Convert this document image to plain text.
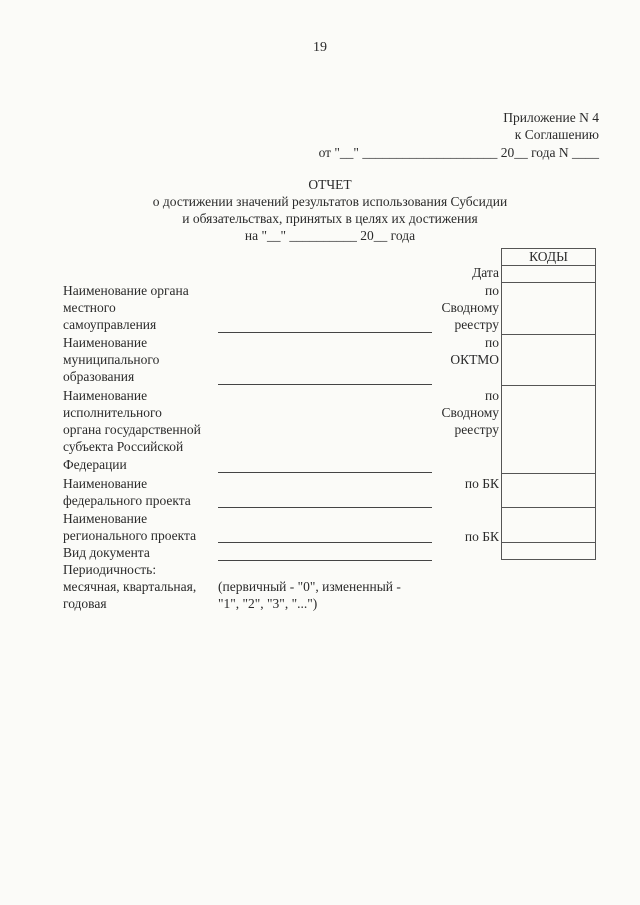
19
Приложение N 4
к Соглашению
от "__" ____________________ 20__ года N ____
ОТЧЕТ
о достижении значений результатов использования Субсидии
и обязательствах, принятых в целях их достижения
на "__" __________ 20__ года
КОДЫ
Дата
по
Сводному
реестру
по
ОКТМО
по
Сводному
реестру
по БК
по БК
Наименование органа
местного
самоуправления
Наименование
муниципального
образования
Наименование
исполнительного
органа государственной
субъекта Российской
Федерации
Наименование
федерального проекта
Наименование
регионального проекта
Вид документа
Периодичность:
месячная, квартальная,
годовая
(первичный - "0", измененный -
"1", "2", "3", "...")
